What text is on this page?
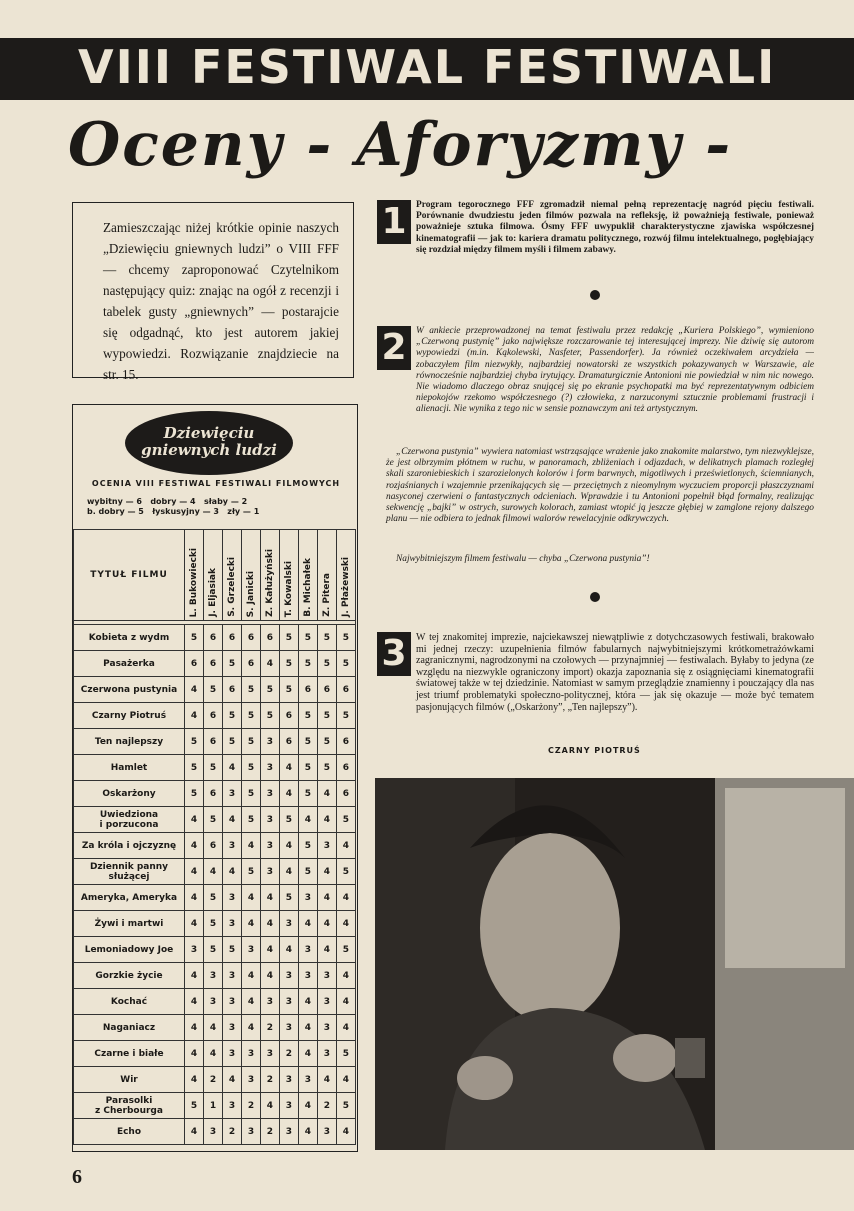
VIII FESTIWAL FESTIWALI
Oceny - Aforyzmy -
Zamieszczając niżej krótkie opinie naszych „Dziewięciu gniewnych ludzi” o VIII FFF — chcemy zaproponować Czytelnikom następujący quiz: znając na ogół z recenzji i tabelek gusty „gniewnych” — postarajcie się odgadnąć, kto jest autorem jakiej wypowiedzi. Rozwiązanie znajdziecie na str. 15.
Dziewięciu
gniewnych ludzi
OCENIA VIII FESTIWAL FESTIWALI FILMOWYCH
wybitny — 6 dobry — 4 słaby — 2
b. dobry — 5 łyskusyjny — 3 zły — 1
TYTUŁ FILMU	L. Bukowiecki	J. Eljasiak	S. Grzelecki	S. Janicki	Z. Kałużyński	T. Kowalski	B. Michałek	Z. Pitera	J. Płażewski

Kobieta z wydm	5	6	6	6	6	5	5	5	5
Pasażerka	6	6	5	6	4	5	5	5	5
Czerwona pustynia	4	5	6	5	5	5	6	6	6
Czarny Piotruś	4	6	5	5	5	6	5	5	5
Ten najlepszy	5	6	5	5	3	6	5	5	6
Hamlet	5	5	4	5	3	4	5	5	6
Oskarżony	5	6	3	5	3	4	5	4	6
Uwiedziona
i porzucona	4	5	4	5	3	5	4	4	5
Za króla i ojczyznę	4	6	3	4	3	4	5	3	4
Dziennik panny
służącej	4	4	4	5	3	4	5	4	5
Ameryka, Ameryka	4	5	3	4	4	5	3	4	4
Żywi i martwi	4	5	3	4	4	3	4	4	4
Lemoniadowy Joe	3	5	5	3	4	4	3	4	5
Gorzkie życie	4	3	3	4	4	3	3	3	4
Kochać	4	3	3	4	3	3	4	3	4
Naganiacz	4	4	3	4	2	3	4	3	4
Czarne i białe	4	4	3	3	3	2	4	3	5
Wir	4	2	4	3	2	3	3	4	4
Parasolki
z Cherbourga	5	1	3	2	4	3	4	2	5
Echo	4	3	2	3	2	3	4	3	4
1	Program tegorocznego FFF zgromadził niemal pełną reprezentację nagród pięciu festiwali. Porównanie dwudziestu jeden filmów pozwala na refleksję, iż poważnieją festiwale, ponieważ poważnieje sztuka filmowa. Ósmy FFF uwypuklił charakterystyczne zjawiska współczesnej kinematografii — jak to: kariera dramatu politycznego, rozwój filmu intelektualnego, pogłębiający się rozdział między filmem myśli i filmem zabawy.
2	W ankiecie przeprowadzonej na temat festiwalu przez redakcję „Kuriera Polskiego”, wymieniono „Czerwoną pustynię” jako największe rozczarowanie tej interesującej imprezy. Nie dziwię się autorom wypowiedzi (m.in. Kąkolewski, Nasfeter, Passendorfer). Ja również oczekiwałem arcydzieła — zobaczyłem film niezwykły, najbardziej nowatorski ze wszystkich pokazywanych w Warszawie, ale równocześnie najbardziej chyba irytujący. Dramaturgicznie Antonioni nie powiedział w nim nic nowego. Nie wiadomo dlaczego obraz snującej się po ekranie psychopatki ma być reprezentatywnym odbiciem niepokojów rzekomo współczesnego (?) człowieka, z narzuconymi sztucznie problemami frustracji i alienacji. Nie wynika z tego nic w sensie poznawczym ani też artystycznym.
„Czerwona pustynia” wywiera natomiast wstrząsające wrażenie jako znakomite malarstwo, tym niezwyklejsze, że jest olbrzymim płótnem w ruchu, w panoramach, zbliżeniach i odjazdach, w delikatnych plamach rozległej skali szaroniebieskich i szarozielonych kolorów i form barwnych, migotliwych i prześwietlonych, ściemnianych, rozjaśnianych i wzajemnie przenikających się — przeciętnych z nieomylnym wyczuciem proporcji płaszczyznami nasyconej czerwieni o fantastycznych odcieniach. Wprawdzie i tu Antonioni popełnił błąd formalny, realizując sekwencję „bajki” w ostrych, surowych kolorach, zamiast wtopić ją jeszcze głębiej w zamglone rejony dalszego planu — nie odbiera to jednak filmowi walorów rewelacyjnie odkrywczych.
Najwybitniejszym filmem festiwalu — chyba „Czerwona pustynia”!
3 W tej znakomitej imprezie, najciekawszej niewątpliwie z dotychczasowych festiwali, brakowało mi jednej rzeczy: uzupełnienia filmów fabularnych najwybitniejszymi krótkometrażówkami zagranicznymi, nagrodzonymi na czołowych — przynajmniej — festiwalach. Byłaby to jedyna (ze względu na niezwykle ograniczony import) okazja zapoznania się z osiągnięciami kinematografii światowej także w tej dziedzinie. Natomiast w samym przeglądzie znamienny i pouczający dla nas jest triumf problematyki społeczno-politycznej, która — jak się okazuje — może być tematem pasjonujących filmów („Oskarżony”, „Ten najlepszy”).
CZARNY PIOTRUŚ
6
